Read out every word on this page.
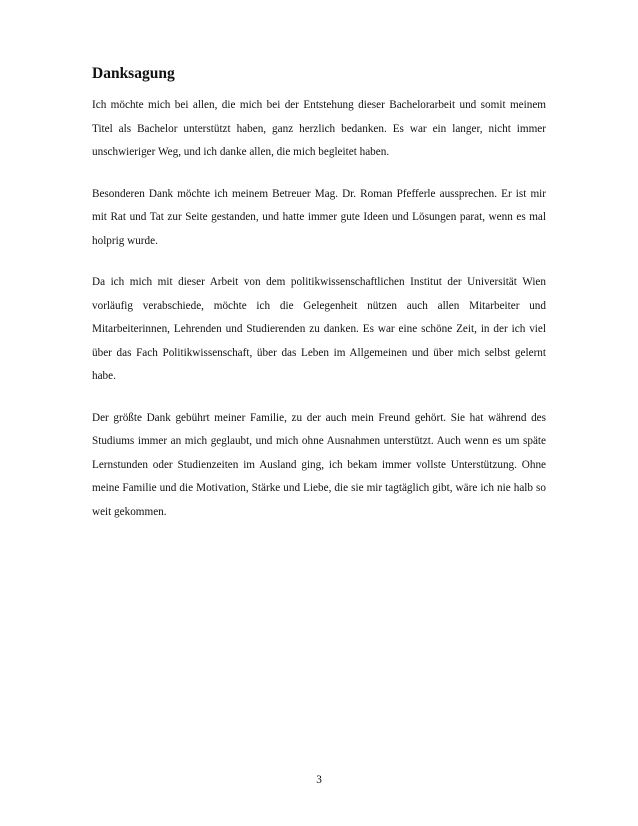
Danksagung

Ich möchte mich bei allen, die mich bei der Entstehung dieser Bachelorarbeit und somit meinem Titel als Bachelor unterstützt haben, ganz herzlich bedanken. Es war ein langer, nicht immer unschwieriger Weg, und ich danke allen, die mich begleitet haben.

Besonderen Dank möchte ich meinem Betreuer Mag. Dr. Roman Pfefferle aussprechen. Er ist mir mit Rat und Tat zur Seite gestanden, und hatte immer gute Ideen und Lösungen parat, wenn es mal holprig wurde.

Da ich mich mit dieser Arbeit von dem politikwissenschaftlichen Institut der Universität Wien vorläufig verabschiede, möchte ich die Gelegenheit nützen auch allen Mitarbeiter und Mitarbeiterinnen, Lehrenden und Studierenden zu danken. Es war eine schöne Zeit, in der ich viel über das Fach Politikwissenschaft, über das Leben im Allgemeinen und über mich selbst gelernt habe.

Der größte Dank gebührt meiner Familie, zu der auch mein Freund gehört. Sie hat während des Studiums immer an mich geglaubt, und mich ohne Ausnahmen unterstützt. Auch wenn es um späte Lernstunden oder Studienzeiten im Ausland ging, ich bekam immer vollste Unterstützung. Ohne meine Familie und die Motivation, Stärke und Liebe, die sie mir tagtäglich gibt, wäre ich nie halb so weit gekommen.

3
